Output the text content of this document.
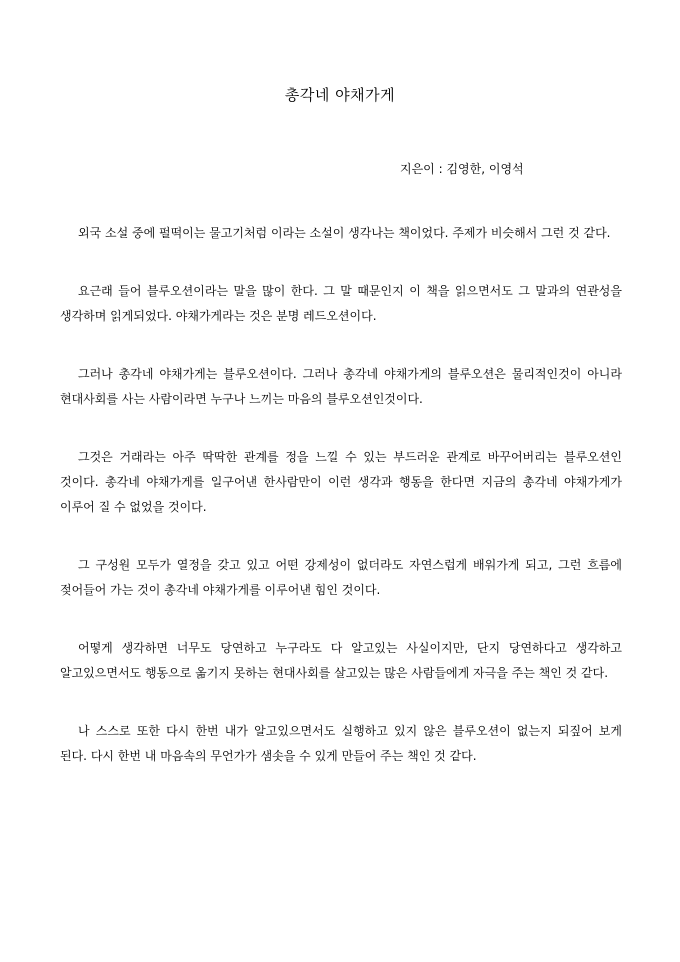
총각네 야채가게
지은이 : 김영한, 이영석

외국 소설 중에 펄떡이는 물고기처럼 이라는 소설이 생각나는 책이었다. 주제가 비슷해서 그런 것 같다.

요근래 들어 블루오션이라는 말을 많이 한다. 그 말 때문인지 이 책을 읽으면서도 그 말과의 연관성을 생각하며 읽게되었다. 야채가게라는 것은 분명 레드오션이다.

그러나 총각네 야채가게는 블루오션이다. 그러나 총각네 야채가게의 블루오션은 물리적인것이 아니라 현대사회를 사는 사람이라면 누구나 느끼는 마음의 블루오션인것이다.

그것은 거래라는 아주 딱딱한 관계를 정을 느낄 수 있는 부드러운 관계로 바꾸어버리는 블루오션인 것이다. 총각네 야채가게를 일구어낸 한사람만이 이런 생각과 행동을 한다면 지금의 총각네 야채가게가 이루어 질 수 없었을 것이다.

그 구성원 모두가 열정을 갖고 있고 어떤 강제성이 없더라도 자연스럽게 배워가게 되고, 그런 흐름에 젖어들어 가는 것이 총각네 야채가게를 이루어낸 힘인 것이다.

어떻게 생각하면 너무도 당연하고 누구라도 다 알고있는 사실이지만, 단지 당연하다고 생각하고 알고있으면서도 행동으로 옮기지 못하는 현대사회를 살고있는 많은 사람들에게 자극을 주는 책인 것 같다.

나 스스로 또한 다시 한번 내가 알고있으면서도 실행하고 있지 않은 블루오션이 없는지 되짚어 보게 된다. 다시 한번 내 마음속의 무언가가 샘솟을 수 있게 만들어 주는 책인 것 같다.
